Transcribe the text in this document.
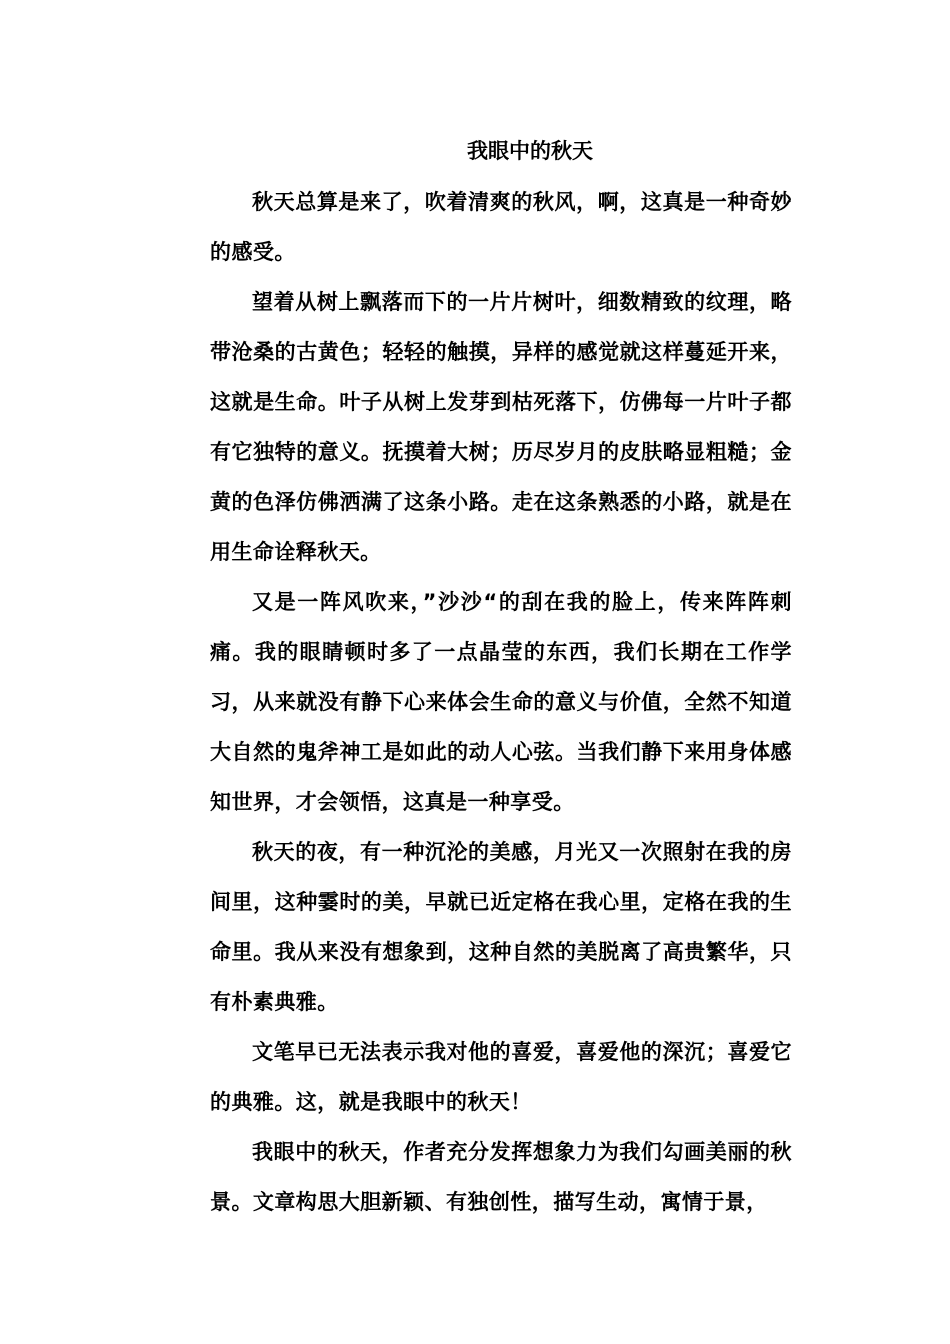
我眼中的秋天

秋天总算是来了，吹着清爽的秋风，啊，这真是一种奇妙的感受。

望着从树上飘落而下的一片片树叶，细数精致的纹理，略带沧桑的古黄色；轻轻的触摸，异样的感觉就这样蔓延开来，这就是生命。叶子从树上发芽到枯死落下，仿佛每一片叶子都有它独特的意义。抚摸着大树；历尽岁月的皮肤略显粗糙；金黄的色泽仿佛洒满了这条小路。走在这条熟悉的小路，就是在用生命诠释秋天。

又是一阵风吹来，”沙沙“的刮在我的脸上，传来阵阵刺痛。我的眼睛顿时多了一点晶莹的东西，我们长期在工作学习，从来就没有静下心来体会生命的意义与价值，全然不知道大自然的鬼斧神工是如此的动人心弦。当我们静下来用身体感知世界，才会领悟，这真是一种享受。

秋天的夜，有一种沉沦的美感，月光又一次照射在我的房间里，这种霎时的美，早就已近定格在我心里，定格在我的生命里。我从来没有想象到，这种自然的美脱离了高贵繁华，只有朴素典雅。

文笔早已无法表示我对他的喜爱，喜爱他的深沉；喜爱它的典雅。这，就是我眼中的秋天！

我眼中的秋天，作者充分发挥想象力为我们勾画美丽的秋景。文章构思大胆新颖、有独创性，描写生动，寓情于景，
